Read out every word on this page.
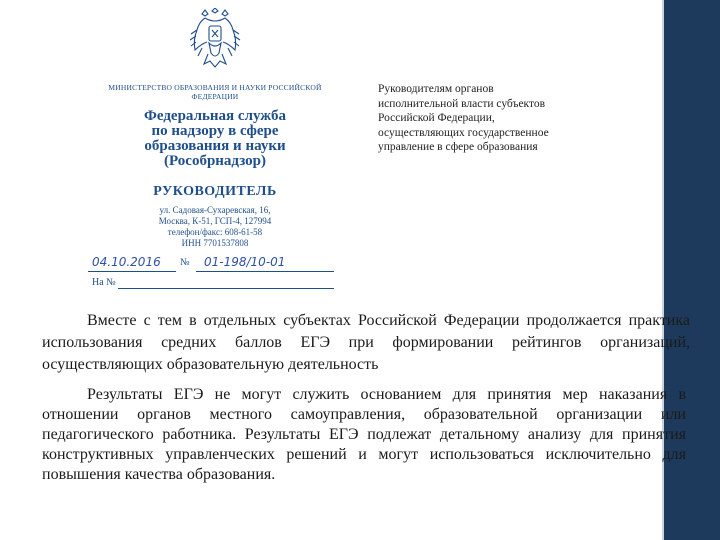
МИНИСТЕРСТВО ОБРАЗОВАНИЯ И НАУКИ РОССИЙСКОЙ ФЕДЕРАЦИИ
Федеральная служба
по надзору в сфере
образования и науки
(Рособрнадзор)
РУКОВОДИТЕЛЬ
ул. Садовая-Сухаревская, 16,
Москва, К-51, ГСП-4, 127994
телефон/факс: 608-61-58
ИНН 7701537808
04.10.2016 № 01-198/10-01
На №
Руководителям органов
исполнительной власти субъектов
Российской Федерации,
осуществляющих государственное
управление в сфере образования

Вместе с тем в отдельных субъектах Российской Федерации продолжается практика использования средних баллов ЕГЭ при формировании рейтингов организаций, осуществляющих образовательную деятельность

Результаты ЕГЭ не могут служить основанием для принятия мер наказания в отношении органов местного самоуправления, образовательной организации или педагогического работника. Результаты ЕГЭ подлежат детальному анализу для принятия конструктивных управленческих решений и могут использоваться исключительно для повышения качества образования.
